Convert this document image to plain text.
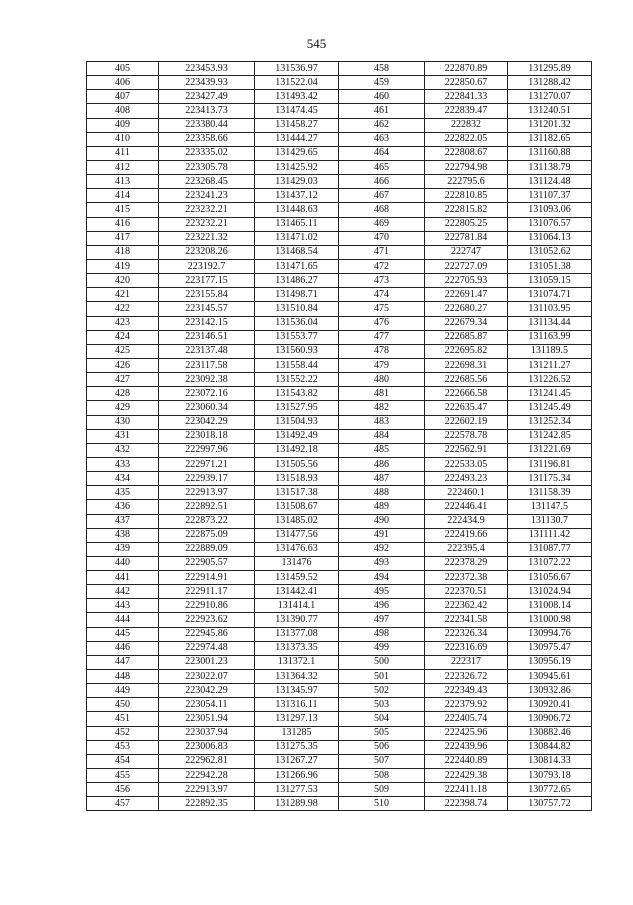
545
405	223453.93	131536.97	458	222870.89	131295.89
406	223439.93	131522.04	459	222850.67	131288.42
407	223427.49	131493.42	460	222841.33	131270.07
408	223413.73	131474.45	461	222839.47	131240.51
409	223380.44	131458.27	462	222832	131201.32
410	223358.66	131444.27	463	222822.05	131182.65
411	223335.02	131429.65	464	222808.67	131160.88
412	223305.78	131425.92	465	222794.98	131138.79
413	223268.45	131429.03	466	222795.6	131124.48
414	223241.23	131437.12	467	222810.85	131107.37
415	223232.21	131448.63	468	222815.82	131093.06
416	223232.21	131465.11	469	222805.25	131076.57
417	223221.32	131471.02	470	222781.84	131064.13
418	223208.26	131468.54	471	222747	131052.62
419	223192.7	131471.65	472	222727.09	131051.38
420	223177.15	131486.27	473	222705.93	131059.15
421	223155.84	131498.71	474	222691.47	131074.71
422	223145.57	131510.84	475	222680.27	131103.95
423	223142.15	131536.04	476	222679.34	131134.44
424	223146.51	131553.77	477	222685.87	131163.99
425	223137.48	131560.93	478	222695.82	131189.5
426	223117.58	131558.44	479	222698.31	131211.27
427	223092.38	131552.22	480	222685.56	131226.52
428	223072.16	131543.82	481	222666.58	131241.45
429	223060.34	131527.95	482	222635.47	131245.49
430	223042.29	131504.93	483	222602.19	131252.34
431	223018.18	131492.49	484	222578.78	131242.85
432	222997.96	131492.18	485	222562.91	131221.69
433	222971.21	131505.56	486	222533.05	131196.81
434	222939.17	131518.93	487	222493.23	131175.34
435	222913.97	131517.38	488	222460.1	131158.39
436	222892.51	131508.67	489	222446.41	131147.5
437	222873.22	131485.02	490	222434.9	131130.7
438	222875.09	131477.56	491	222419.66	131111.42
439	222889.09	131476.63	492	222395.4	131087.77
440	222905.57	131476	493	222378.29	131072.22
441	222914.91	131459.52	494	222372.38	131056.67
442	222911.17	131442.41	495	222370.51	131024.94
443	222910.86	131414.1	496	222362.42	131008.14
444	222923.62	131390.77	497	222341.58	131000.98
445	222945.86	131377.08	498	222326.34	130994.76
446	222974.48	131373.35	499	222316.69	130975.47
447	223001.23	131372.1	500	222317	130956.19
448	223022.07	131364.32	501	222326.72	130945.61
449	223042.29	131345.97	502	222349.43	130932.86
450	223054.11	131316.11	503	222379.92	130920.41
451	223051.94	131297.13	504	222405.74	130906.72
452	223037.94	131285	505	222425.96	130882.46
453	223006.83	131275.35	506	222439.96	130844.82
454	222962.81	131267.27	507	222440.89	130814.33
455	222942.28	131266.96	508	222429.38	130793.18
456	222913.97	131277.53	509	222411.18	130772.65
457	222892.35	131289.98	510	222398.74	130757.72
